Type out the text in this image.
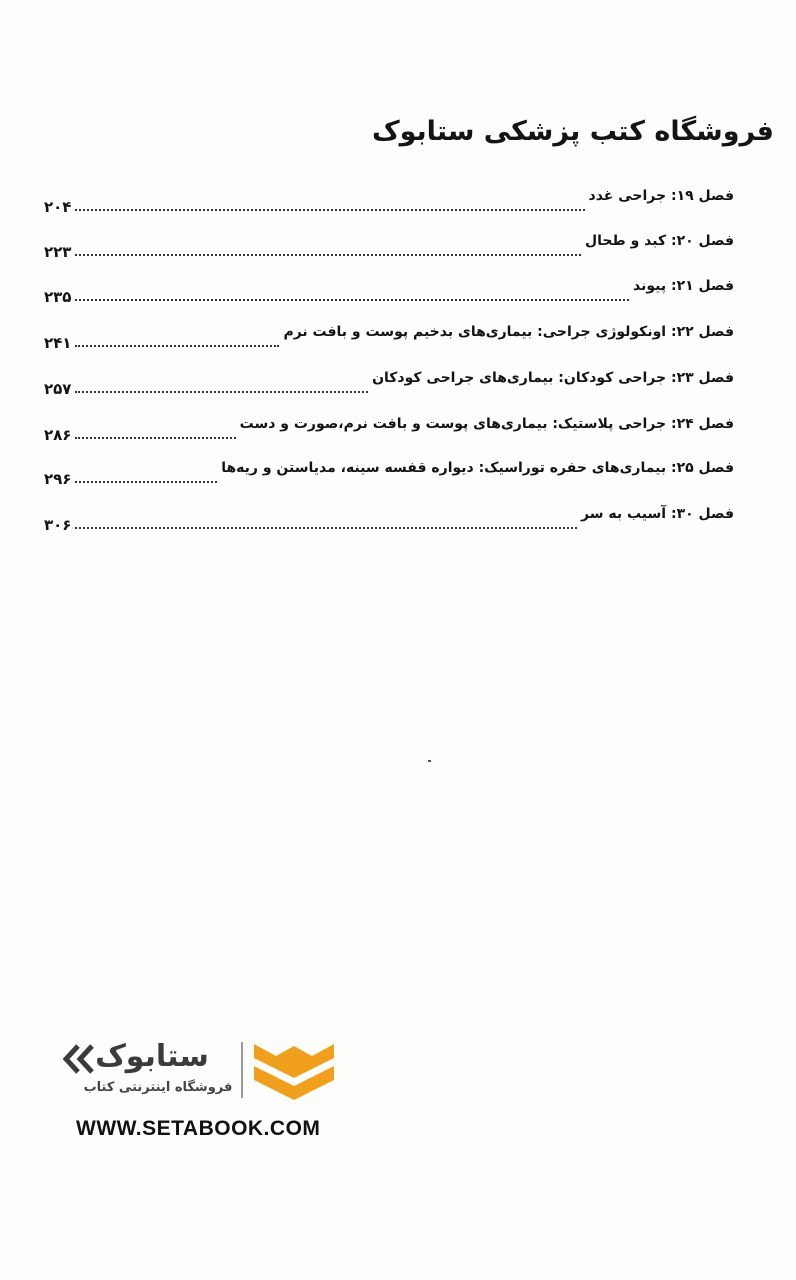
فروشگاه کتب پزشکی ستابوک
۲۰۴
فصل ۱۹: جراحی غدد
۲۲۳
فصل ۲۰: کبد و طحال
۲۳۵
فصل ۲۱: پیوند
۲۴۱
فصل ۲۲: اونکولوژی جراحی: بیماری‌های بدخیم پوست و بافت نرم
۲۵۷
فصل ۲۳: جراحی کودکان: بیماری‌های جراحی کودکان
۲۸۶
فصل ۲۴: جراحی پلاستیک: بیماری‌های پوست و بافت نرم،صورت و دست
۲۹۶
فصل ۲۵: بیماری‌های حفره توراسیک: دیواره قفسه سینه، مدیاستن و ریه‌ها
۳۰۶
فصل ۳۰: آسیب به سر
ستابوک
فروشگاه اینترنتی کتاب
WWW.SETABOOK.COM
